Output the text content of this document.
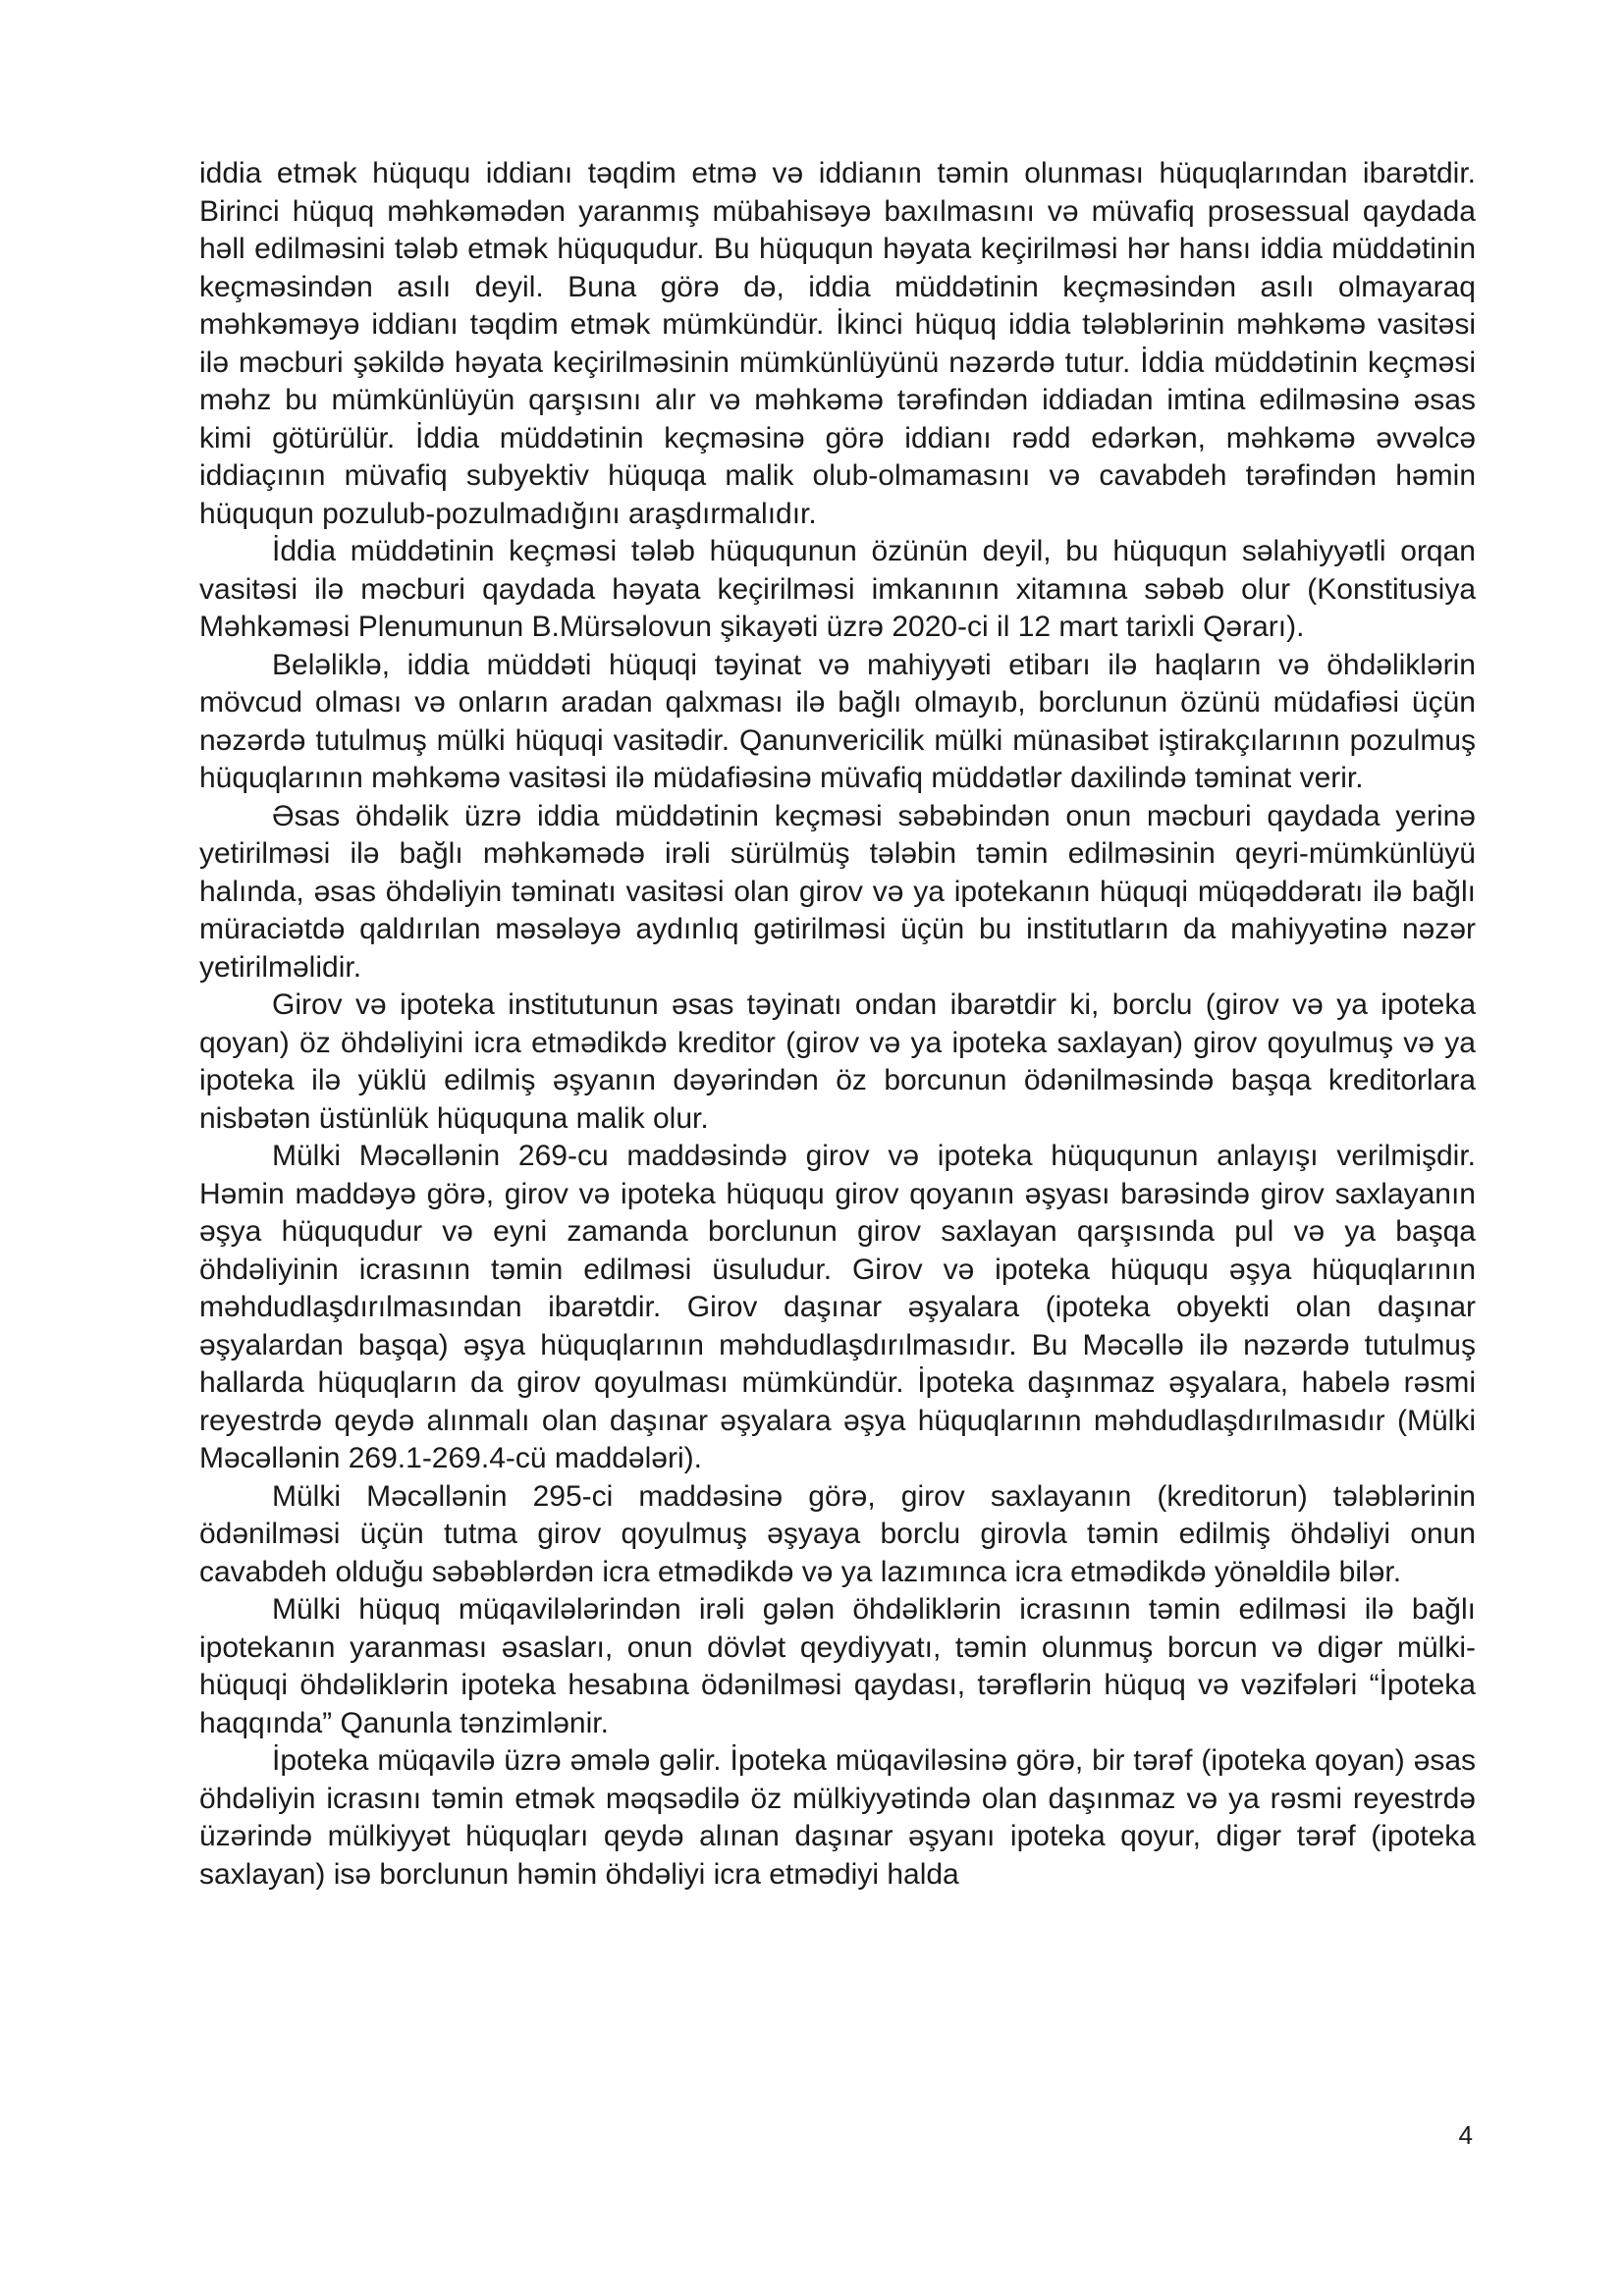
iddia etmək hüququ iddianı təqdim etmə və iddianın təmin olunması hüquqlarından ibarətdir. Birinci hüquq məhkəmədən yaranmış mübahisəyə baxılmasını və müvafiq prosessual qaydada həll edilməsini tələb etmək hüququdur. Bu hüququn həyata keçirilməsi hər hansı iddia müddətinin keçməsindən asılı deyil. Buna görə də, iddia müddətinin keçməsindən asılı olmayaraq məhkəməyə iddianı təqdim etmək mümkündür. İkinci hüquq iddia tələblərinin məhkəmə vasitəsi ilə məcburi şəkildə həyata keçirilməsinin mümkünlüyünü nəzərdə tutur. İddia müddətinin keçməsi məhz bu mümkünlüyün qarşısını alır və məhkəmə tərəfindən iddiadan imtina edilməsinə əsas kimi götürülür. İddia müddətinin keçməsinə görə iddianı rədd edərkən, məhkəmə əvvəlcə iddiaçının müvafiq subyektiv hüquqa malik olub-olmamasını və cavabdeh tərəfindən həmin hüququn pozulub-pozulmadığını araşdırmalıdır.

İddia müddətinin keçməsi tələb hüququnun özünün deyil, bu hüququn səlahiyyətli orqan vasitəsi ilə məcburi qaydada həyata keçirilməsi imkanının xitamına səbəb olur (Konstitusiya Məhkəməsi Plenumunun B.Mürsəlovun şikayəti üzrə 2020-ci il 12 mart tarixli Qərarı).

Beləliklə, iddia müddəti hüquqi təyinat və mahiyyəti etibarı ilə haqların və öhdəliklərin mövcud olması və onların aradan qalxması ilə bağlı olmayıb, borclunun özünü müdafiəsi üçün nəzərdə tutulmuş mülki hüquqi vasitədir. Qanunvericilik mülki münasibət iştirakçılarının pozulmuş hüquqlarının məhkəmə vasitəsi ilə müdafiəsinə müvafiq müddətlər daxilində təminat verir.

Əsas öhdəlik üzrə iddia müddətinin keçməsi səbəbindən onun məcburi qaydada yerinə yetirilməsi ilə bağlı məhkəmədə irəli sürülmüş tələbin təmin edilməsinin qeyri-mümkünlüyü halında, əsas öhdəliyin təminatı vasitəsi olan girov və ya ipotekanın hüquqi müqəddəratı ilə bağlı müraciətdə qaldırılan məsələyə aydınlıq gətirilməsi üçün bu institutların da mahiyyətinə nəzər yetirilməlidir.

Girov və ipoteka institutunun əsas təyinatı ondan ibarətdir ki, borclu (girov və ya ipoteka qoyan) öz öhdəliyini icra etmədikdə kreditor (girov və ya ipoteka saxlayan) girov qoyulmuş və ya ipoteka ilə yüklü edilmiş əşyanın dəyərindən öz borcunun ödənilməsində başqa kreditorlara nisbətən üstünlük hüququna malik olur.

Mülki Məcəllənin 269-cu maddəsində girov və ipoteka hüququnun anlayışı verilmişdir. Həmin maddəyə görə, girov və ipoteka hüququ girov qoyanın əşyası barəsində girov saxlayanın əşya hüququdur və eyni zamanda borclunun girov saxlayan qarşısında pul və ya başqa öhdəliyinin icrasının təmin edilməsi üsuludur. Girov və ipoteka hüququ əşya hüquqlarının məhdudlaşdırılmasından ibarətdir. Girov daşınar əşyalara (ipoteka obyekti olan daşınar əşyalardan başqa) əşya hüquqlarının məhdudlaşdırılmasıdır. Bu Məcəllə ilə nəzərdə tutulmuş hallarda hüquqların da girov qoyulması mümkündür. İpoteka daşınmaz əşyalara, habelə rəsmi reyestrdə qeydə alınmalı olan daşınar əşyalara əşya hüquqlarının məhdudlaşdırılmasıdır (Mülki Məcəllənin 269.1-269.4-cü maddələri).

Mülki Məcəllənin 295-ci maddəsinə görə, girov saxlayanın (kreditorun) tələblərinin ödənilməsi üçün tutma girov qoyulmuş əşyaya borclu girovla təmin edilmiş öhdəliyi onun cavabdeh olduğu səbəblərdən icra etmədikdə və ya lazımınca icra etmədikdə yönəldilə bilər.

Mülki hüquq müqavilələrindən irəli gələn öhdəliklərin icrasının təmin edilməsi ilə bağlı ipotekanın yaranması əsasları, onun dövlət qeydiyyatı, təmin olunmuş borcun və digər mülki-hüquqi öhdəliklərin ipoteka hesabına ödənilməsi qaydası, tərəflərin hüquq və vəzifələri “İpoteka haqqında” Qanunla tənzimlənir.

İpoteka müqavilə üzrə əmələ gəlir. İpoteka müqaviləsinə görə, bir tərəf (ipoteka qoyan) əsas öhdəliyin icrasını təmin etmək məqsədilə öz mülkiyyətində olan daşınmaz və ya rəsmi reyestrdə üzərində mülkiyyət hüquqları qeydə alınan daşınar əşyanı ipoteka qoyur, digər tərəf (ipoteka saxlayan) isə borclunun həmin öhdəliyi icra etmədiyi halda

4
